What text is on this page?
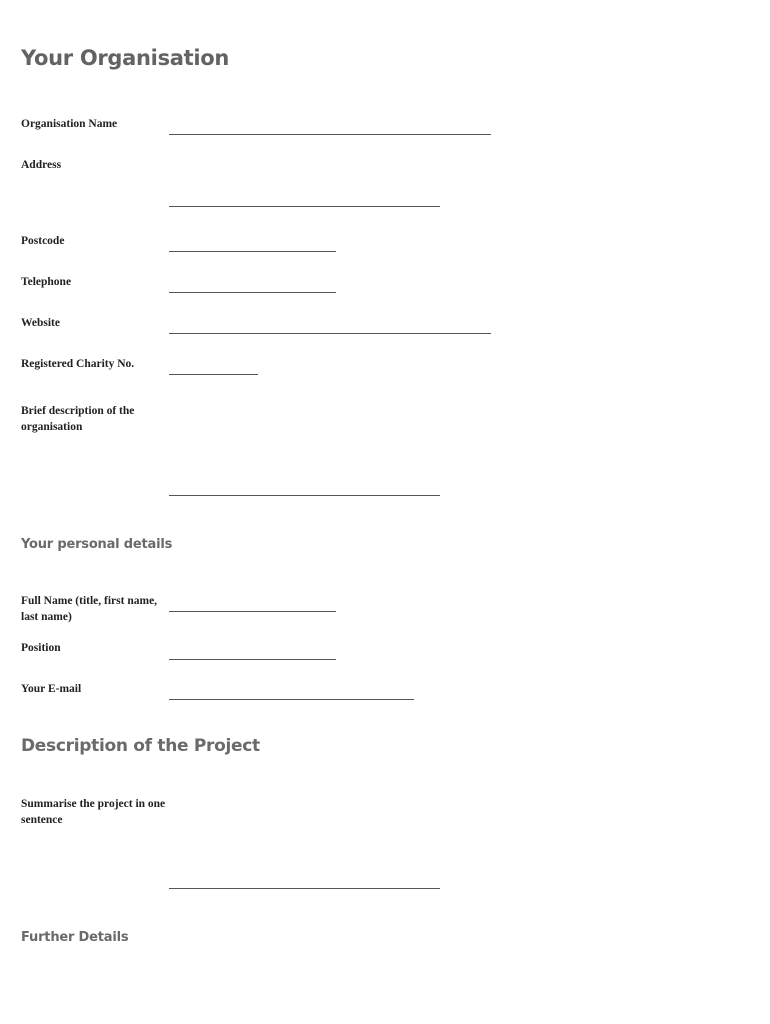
Your Organisation
Organisation Name
Address
Postcode
Telephone
Website
Registered Charity No.
Brief description of the organisation
Your personal details
Full Name (title, first name, last name)
Position
Your E-mail
Description of the Project
Summarise the project in one sentence
Further Details
